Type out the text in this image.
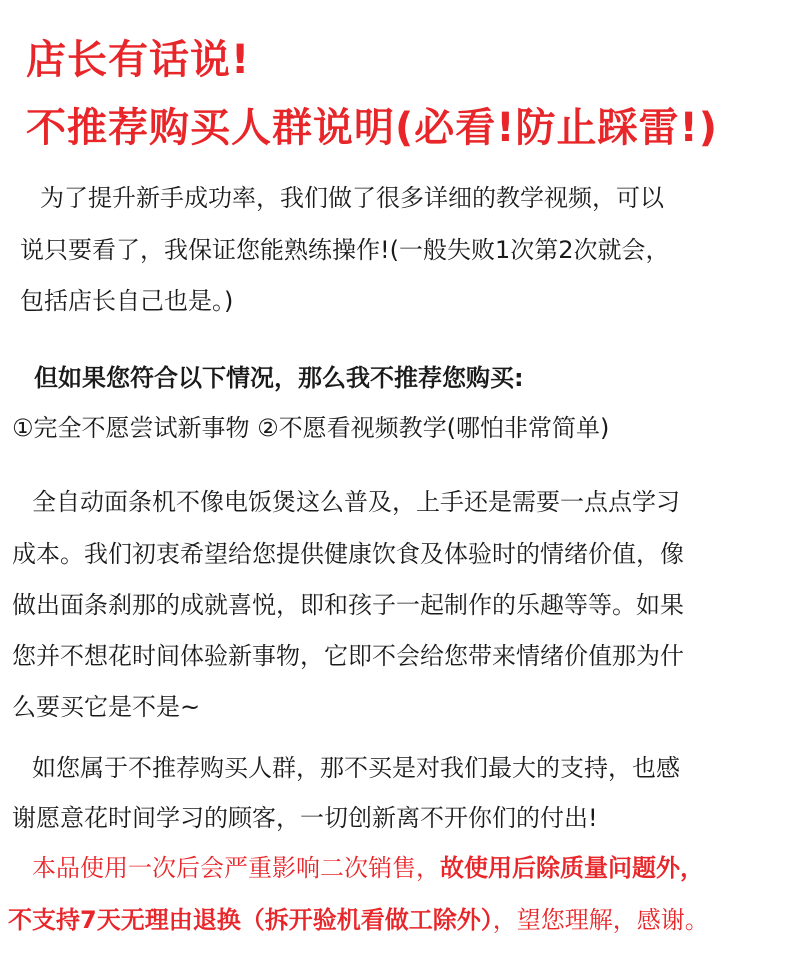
店长有话说!
不推荐购买人群说明(必看!防止踩雷!)
为了提升新手成功率，我们做了很多详细的教学视频，可以
说只要看了，我保证您能熟练操作!(一般失败1次第2次就会，
包括店长自己也是。)
但如果您符合以下情况，那么我不推荐您购买:
①完全不愿尝试新事物 ②不愿看视频教学(哪怕非常简单)
全自动面条机不像电饭煲这么普及，上手还是需要一点点学习
成本。我们初衷希望给您提供健康饮食及体验时的情绪价值，像
做出面条刹那的成就喜悦，即和孩子一起制作的乐趣等等。如果
您并不想花时间体验新事物，它即不会给您带来情绪价值那为什
么要买它是不是~
如您属于不推荐购买人群，那不买是对我们最大的支持，也感
谢愿意花时间学习的顾客，一切创新离不开你们的付出!
本品使用一次后会严重影响二次销售，故使用后除质量问题外，
不支持7天无理由退换（拆开验机看做工除外），望您理解，感谢。
